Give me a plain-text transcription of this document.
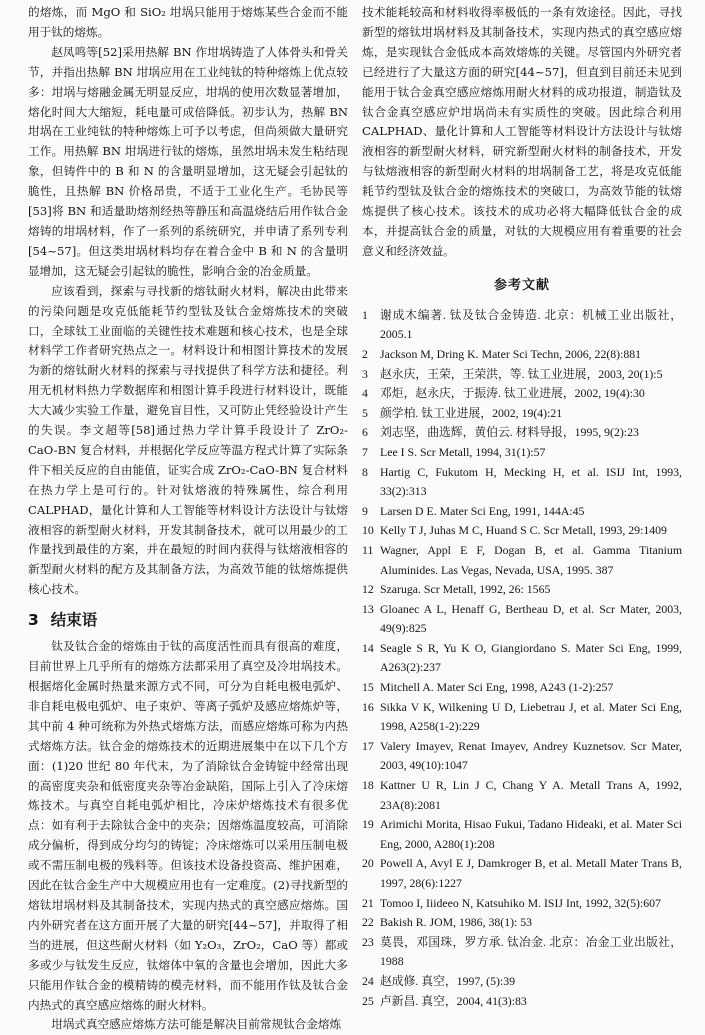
的熔炼，而 MgO 和 SiO₂ 坩埚只能用于熔炼某些合金而不能用于钛的熔炼。

赵凤鸣等[52]采用热解 BN 作坩埚铸造了人体骨头和骨关节，并指出热解 BN 坩埚应用在工业纯钛的特种熔炼上优点较多：坩埚与熔融金属无明显反应，坩埚的使用次数显著增加，熔化时间大大缩短，耗电量可成倍降低。初步认为，热解 BN 坩埚在工业纯钛的特种熔炼上可予以考虑，但尚须做大量研究工作。用热解 BN 坩埚进行钛的熔炼，虽然坩埚未发生粘结现象，但铸件中的 B 和 N 的含量明显增加，这无疑会引起钛的脆性，且热解 BN 价格昂贵，不适于工业化生产。毛协民等[53]将 BN 和适量助熔剂经热等静压和高温烧结后用作钛合金熔铸的坩埚材料，作了一系列的系统研究，并申请了系列专利[54~57]。但这类坩埚材料均存在着合金中 B 和 N 的含量明显增加，这无疑会引起钛的脆性，影响合金的冶金质量。

应该看到，探索与寻找新的熔钛耐火材料，解决由此带来的污染问题是攻克低能耗节约型钛及钛合金熔炼技术的突破口，全球钛工业面临的关键性技术难题和核心技术，也是全球材料学工作者研究热点之一。材料设计和相图计算技术的发展为新的熔钛耐火材料的探索与寻找提供了科学方法和捷径。利用无机材料热力学数据库和相图计算手段进行材料设计，既能大大减少实验工作量，避免盲目性，又可防止凭经验设计产生的失误。李文超等[58]通过热力学计算手段设计了 ZrO₂-CaO-BN 复合材料，并根据化学反应等温方程式计算了实际条件下相关反应的自由能值，证实合成 ZrO₂-CaO-BN 复合材料在热力学上是可行的。针对钛熔液的特殊属性，综合利用 CALPHAD，量化计算和人工智能等材料设计方法设计与钛熔液相容的新型耐火材料，开发其制备技术，就可以用最少的工作量找到最佳的方案，并在最短的时间内获得与钛熔液相容的新型耐火材料的配方及其制备方法，为高效节能的钛熔炼提供核心技术。

3 结束语

钛及钛合金的熔炼由于钛的高度活性而具有很高的难度，目前世界上几乎所有的熔炼方法都采用了真空及冷坩埚技术。根据熔化金属时热量来源方式不同，可分为自耗电极电弧炉、非自耗电极电弧炉、电子束炉、等离子弧炉及感应熔炼炉等，其中前 4 种可统称为外热式熔炼方法，而感应熔炼可称为内热式熔炼方法。钛合金的熔炼技术的近期进展集中在以下几个方面：(1)20 世纪 80 年代末，为了消除钛合金铸锭中经常出现的高密度夹杂和低密度夹杂等冶金缺陷，国际上引入了冷床熔炼技术。与真空自耗电弧炉相比，冷床炉熔炼技术有很多优点：如有利于去除钛合金中的夹杂；因熔炼温度较高，可消除成分偏析，得到成分均匀的铸锭；冷床熔炼可以采用压制电极或不需压制电极的残料等。但该技术设备投资高、维护困难，因此在钛合金生产中大规模应用也有一定难度。(2)寻找新型的熔钛坩埚材料及其制备技术，实现内热式的真空感应熔炼。国内外研究者在这方面开展了大量的研究[44~57]，并取得了相当的进展，但这些耐火材料（如 Y₂O₃，ZrO₂，CaO 等）都或多或少与钛发生反应，钛熔体中氧的含量也会增加，因此大多只能用作钛合金的模精铸的模壳材料，而不能用作钛及钛合金内热式的真空感应熔炼的耐火材料。

坩埚式真空感应熔炼方法可能是解决目前常规钛合金熔炼

技术能耗较高和材料收得率极低的一条有效途径。因此，寻找新型的熔钛坩埚材料及其制备技术，实现内热式的真空感应熔炼，是实现钛合金低成本高效熔炼的关键。尽管国内外研究者已经进行了大量这方面的研究[44~57]，但直到目前还未见到能用于钛合金真空感应熔炼用耐火材料的成功报道，制造钛及钛合金真空感应炉坩埚尚未有实质性的突破。因此综合利用 CALPHAD、量化计算和人工智能等材料设计方法设计与钛熔液相容的新型耐火材料，研究新型耐火材料的制备技术，开发与钛熔液相容的新型耐火材料的坩埚制备工艺，将是攻克低能耗节约型钛及钛合金的熔炼技术的突破口，为高效节能的钛熔炼提供了核心技术。该技术的成功必将大幅降低钛合金的成本，并提高钛合金的质量，对钛的大规模应用有着重要的社会意义和经济效益。

参考文献
1	谢成木编著. 钛及钛合金铸造. 北京：机械工业出版社，2005.1
2	Jackson M, Dring K. Mater Sci Techn, 2006, 22(8):881
3	赵永庆，王荣，王荣洪，等. 钛工业进展，2003, 20(1):5
4	邓炬，赵永庆，于振涛. 钛工业进展，2002, 19(4):30
5	颜学柏. 钛工业进展，2002, 19(4):21
6	刘志坚，曲选辉，黄伯云. 材料导报，1995, 9(2):23
7	Lee I S. Scr Metall, 1994, 31(1):57
8	Hartig C, Fukutom H, Mecking H, et al. ISIJ Int, 1993, 33(2):313
9	Larsen D E. Mater Sci Eng, 1991, 144A:45
10 Kelly T J, Juhas M C, Huand S C. Scr Metall, 1993, 29:1409
11 Wagner, Appl E F, Dogan B, et al. Gamma Titanium Aluminides. Las Vegas, Nevada, USA, 1995. 387
12 Szaruga. Scr Metall, 1992, 26: 1565
13 Gloanec A L, Henaff G, Bertheau D, et al. Scr Mater, 2003, 49(9):825
14 Seagle S R, Yu K O, Giangiordano S. Mater Sci Eng, 1999, A263(2):237
15 Mitchell A. Mater Sci Eng, 1998, A243 (1-2):257
16 Sikka V K, Wilkening U D, Liebetrau J, et al. Mater Sci Eng, 1998, A258(1-2):229
17 Valery Imayev, Renat Imayev, Andrey Kuznetsov. Scr Mater, 2003, 49(10):1047
18 Kattner U R, Lin J C, Chang Y A. Metall Trans A, 1992, 23A(8):2081
19 Arimichi Morita, Hisao Fukui, Tadano Hideaki, et al. Mater Sci Eng, 2000, A280(1):208
20 Powell A, Avyl E J, Damkroger B, et al. Metall Mater Trans B, 1997, 28(6):1227
21 Tomoo I, Iiideeo N, Katsuhiko M. ISIJ Int, 1992, 32(5):607
22 Bakish R. JOM, 1986, 38(1): 53
23 莫畏，邓国珠，罗方承. 钛冶金. 北京：冶金工业出版社，1988
24 赵成修. 真空，1997, (5):39
25 卢新昌. 真空，2004, 41(3):83
